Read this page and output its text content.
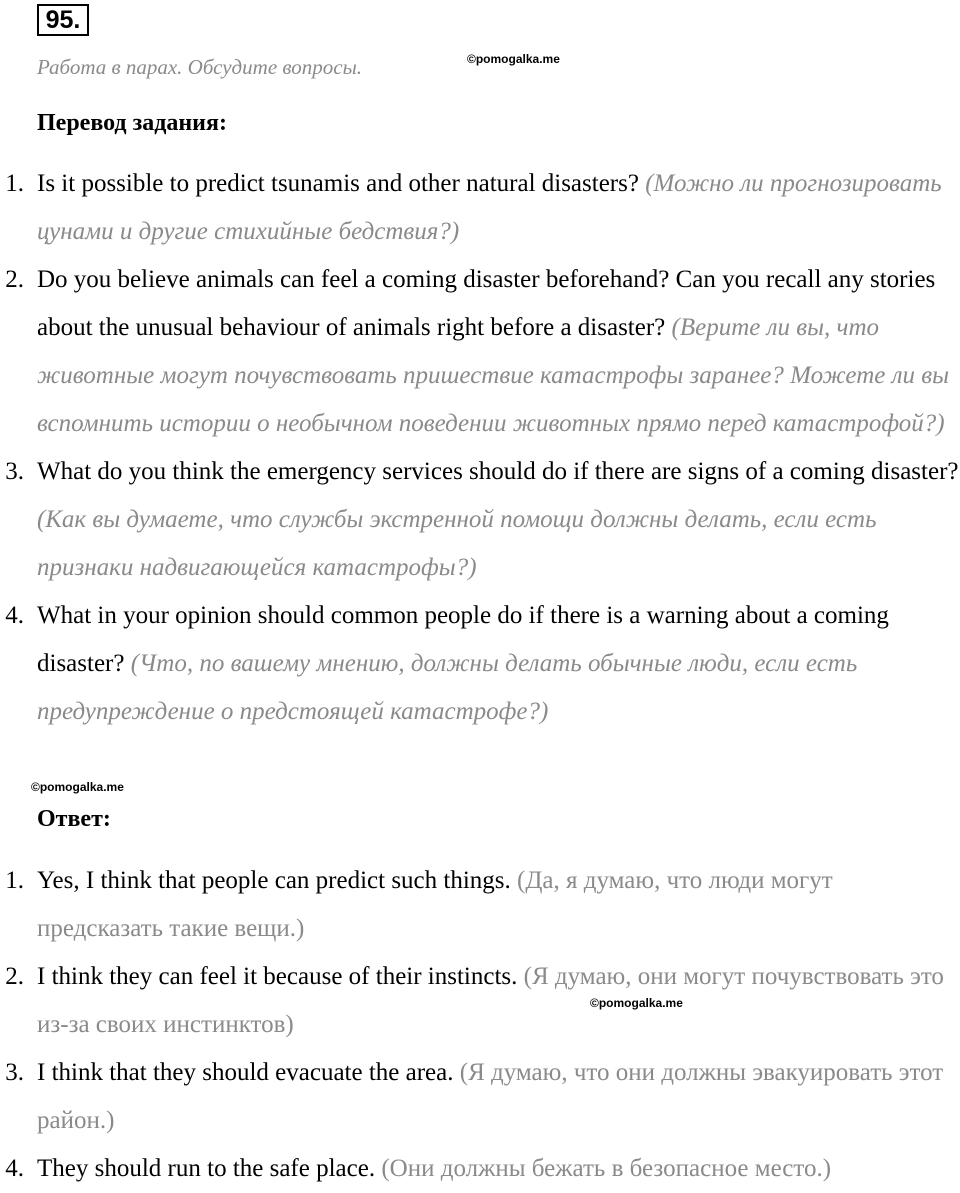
95.
Работа в парах. Обсудите вопросы.	©pomogalka.me
Перевод задания:
1. Is it possible to predict tsunamis and other natural disasters? (Можно ли прогнозировать цунами и другие стихийные бедствия?)
2. Do you believe animals can feel a coming disaster beforehand? Can you recall any stories about the unusual behaviour of animals right before a disaster? (Верите ли вы, что животные могут почувствовать пришествие катастрофы заранее? Можете ли вы вспомнить истории о необычном поведении животных прямо перед катастрофой?)
3. What do you think the emergency services should do if there are signs of a coming disaster? (Как вы думаете, что службы экстренной помощи должны делать, если есть признаки надвигающейся катастрофы?)
4. What in your opinion should common people do if there is a warning about a coming disaster? (Что, по вашему мнению, должны делать обычные люди, если есть предупреждение о предстоящей катастрофе?)
©pomogalka.me
Ответ:
1. Yes, I think that people can predict such things. (Да, я думаю, что люди могут предсказать такие вещи.)
2. I think they can feel it because of their instincts. (Я думаю, они могут почувствовать это из-за своих инстинктов)
3. I think that they should evacuate the area. (Я думаю, что они должны эвакуировать этот район.)
4. They should run to the safe place. (Они должны бежать в безопасное место.)
©pomogalka.me
